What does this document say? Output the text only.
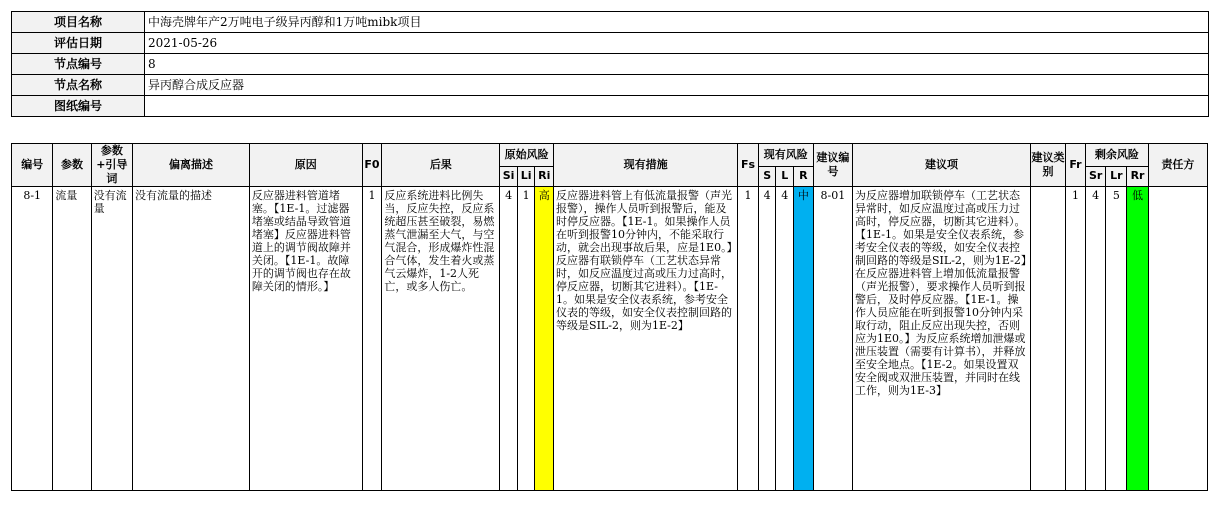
项目名称	中海壳牌年产2万吨电子级异丙醇和1万吨mibk项目
评估日期	2021-05-26
节点编号	8
节点名称	异丙醇合成反应器
图纸编号	
编号	参数	参数+引导词	偏离描述	原因	F0	后果	原始风险			现有措施	Fs	现有风险			建议编号	建议项	建议类别	Fr	剩余风险			责任方
							Si	Li	Ri			S	L	R					Sr	Lr	Rr	
8-1	流量	没有流量	没有流量的描述	反应器进料管道堵塞。【1E-1。过滤器堵塞或结晶导致管道堵塞】反应器进料管道上的调节阀故障并关闭。【1E-1。故障开的调节阀也存在故障关闭的情形。】	1	反应系统进料比例失当，反应失控，反应系统超压甚至破裂，易燃蒸气泄漏至大气，与空气混合，形成爆炸性混合气体，发生着火或蒸气云爆炸，1-2人死亡，或多人伤亡。	4	1	高	反应器进料管上有低流量报警（声光报警），操作人员听到报警后，能及时停反应器。【1E-1。如果操作人员在听到报警10分钟内，不能采取行动，就会出现事故后果，应是1E0。】反应器有联锁停车（工艺状态异常时，如反应温度过高或压力过高时，停反应器，切断其它进料）。【1E-1。如果是安全仪表系统，参考安全仪表的等级，如安全仪表控制回路的等级是SIL-2，则为1E-2】	1	4	4	中	8-01	为反应器增加联锁停车（工艺状态异常时，如反应温度过高或压力过高时，停反应器，切断其它进料）。【1E-1。如果是安全仪表系统，参考安全仪表的等级，如安全仪表控制回路的等级是SIL-2，则为1E-2】在反应器进料管上增加低流量报警（声光报警），要求操作人员听到报警后，及时停反应器。【1E-1。操作人员应能在听到报警10分钟内采取行动，阻止反应出现失控，否则应为1E0。】为反应系统增加泄爆或泄压装置（需要有计算书），并释放至安全地点。【1E-2。如果设置双安全阀或双泄压装置，并同时在线工作，则为1E-3】		1	4	5	低	
